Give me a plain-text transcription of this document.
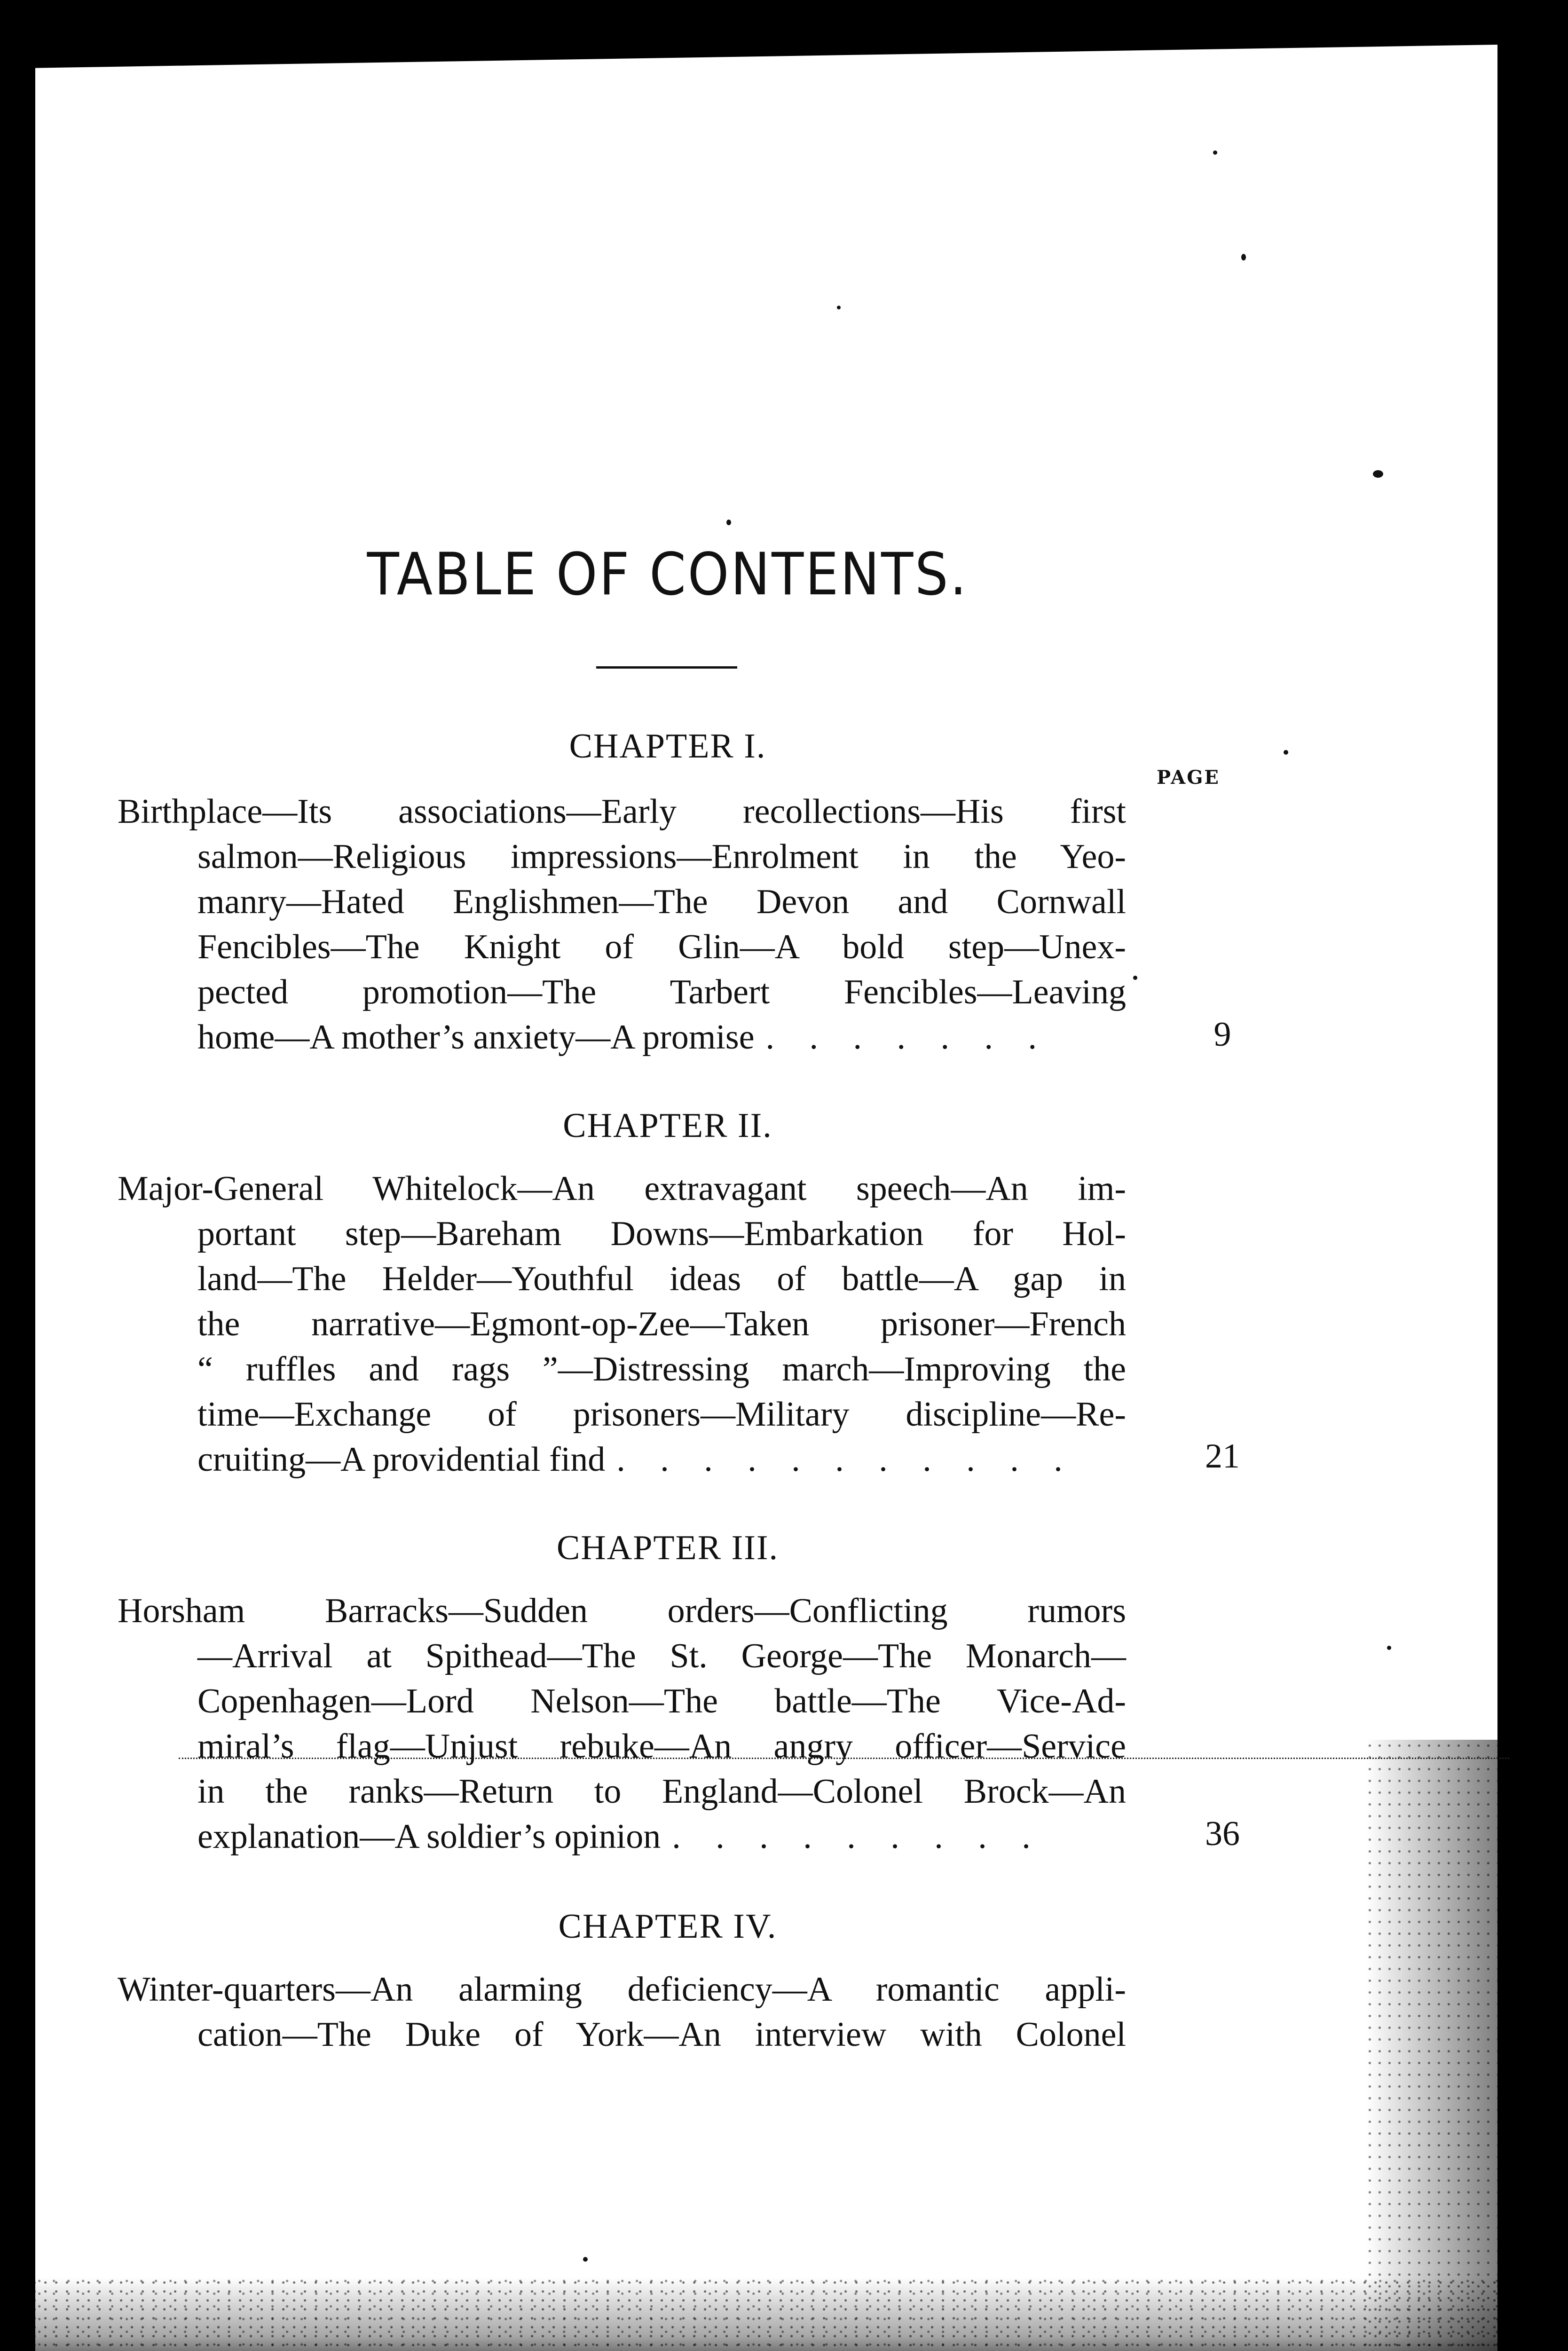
TABLE OF CONTENTS.
PAGE
CHAPTER I.
Birthplace—Its associations—Early recollections—His first
salmon—Religious impressions—Enrolment in the Yeo-
manry—Hated Englishmen—The Devon and Cornwall
Fencibles—The Knight of Glin—A bold step—Unex-
pected promotion—The Tarbert Fencibles—Leaving
home—A mother’s anxiety—A promise . . . . . . .	9
CHAPTER II.
Major-General Whitelock—An extravagant speech—An im-
portant step—Bareham Downs—Embarkation for Hol-
land—The Helder—Youthful ideas of battle—A gap in
the narrative—Egmont-op-Zee—Taken prisoner—French
“ ruffles and rags ”—Distressing march—Improving the
time—Exchange of prisoners—Military discipline—Re-
cruiting—A providential find . . . . . . . . . . .	21
CHAPTER III.
Horsham Barracks—Sudden orders—Conflicting rumors
—Arrival at Spithead—The St. George—The Monarch—
Copenhagen—Lord Nelson—The battle—The Vice-Ad-
miral’s flag—Unjust rebuke—An angry officer—Service
in the ranks—Return to England—Colonel Brock—An
explanation—A soldier’s opinion . . . . . . . . .	36
CHAPTER IV.
Winter-quarters—An alarming deficiency—A romantic appli-
cation—The Duke of York—An interview with Colonel
